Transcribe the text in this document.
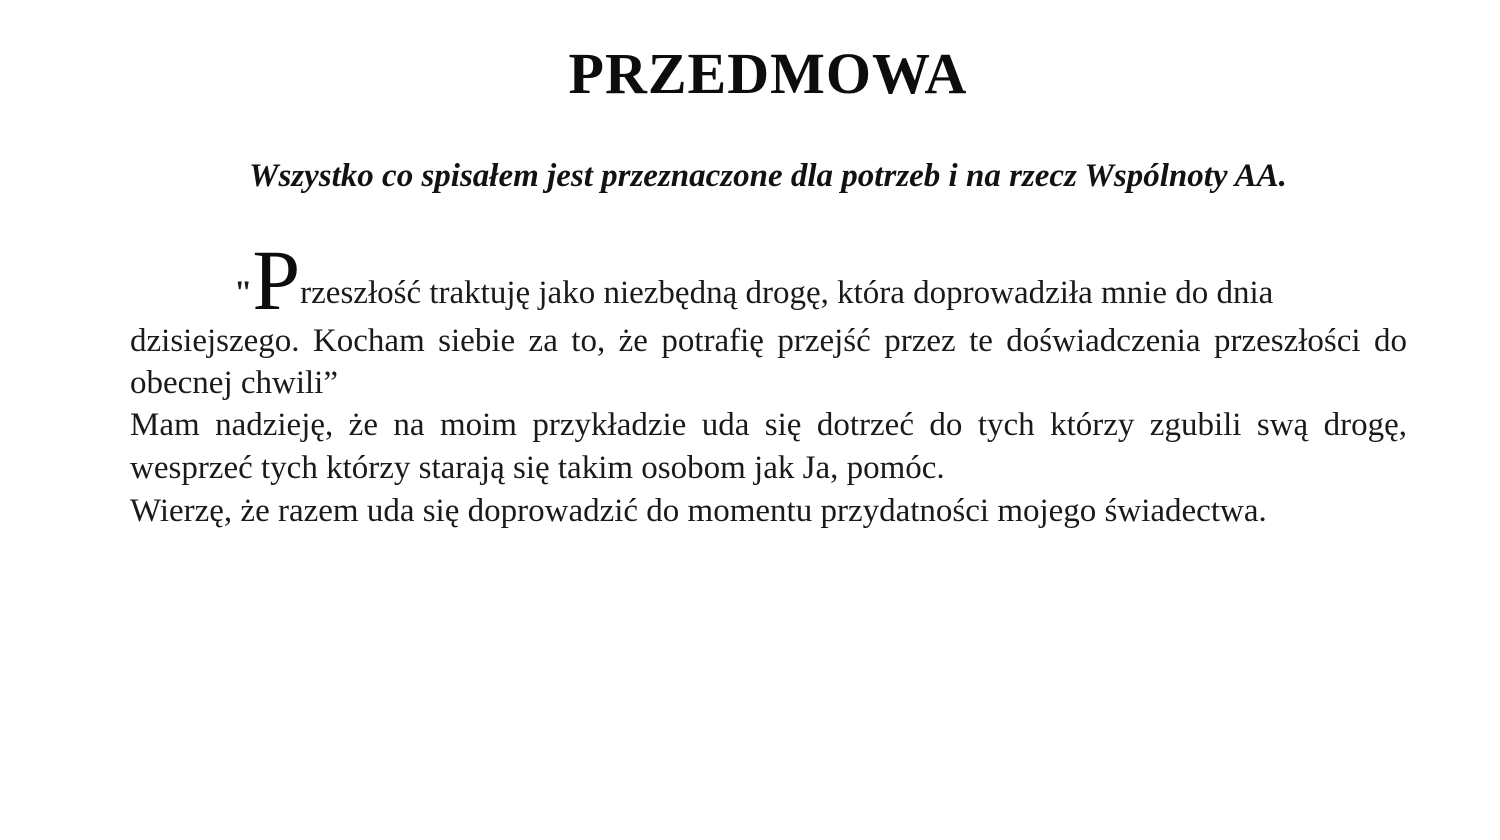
PRZEDMOWA
Wszystko co spisałem jest przeznaczone dla potrzeb i na rzecz Wspólnoty AA.

"Przeszłość traktuję jako niezbędną drogę, która doprowadziła mnie do dnia
dzisiejszego. Kocham siebie za to, że potrafię przejść przez te doświadczenia przeszłości do obecnej chwili”

Mam nadzieję, że na moim przykładzie uda się dotrzeć do tych którzy zgubili swą drogę, wesprzeć tych którzy starają się takim osobom jak Ja, pomóc.

Wierzę, że razem uda się doprowadzić do momentu przydatności mojego świadectwa.
